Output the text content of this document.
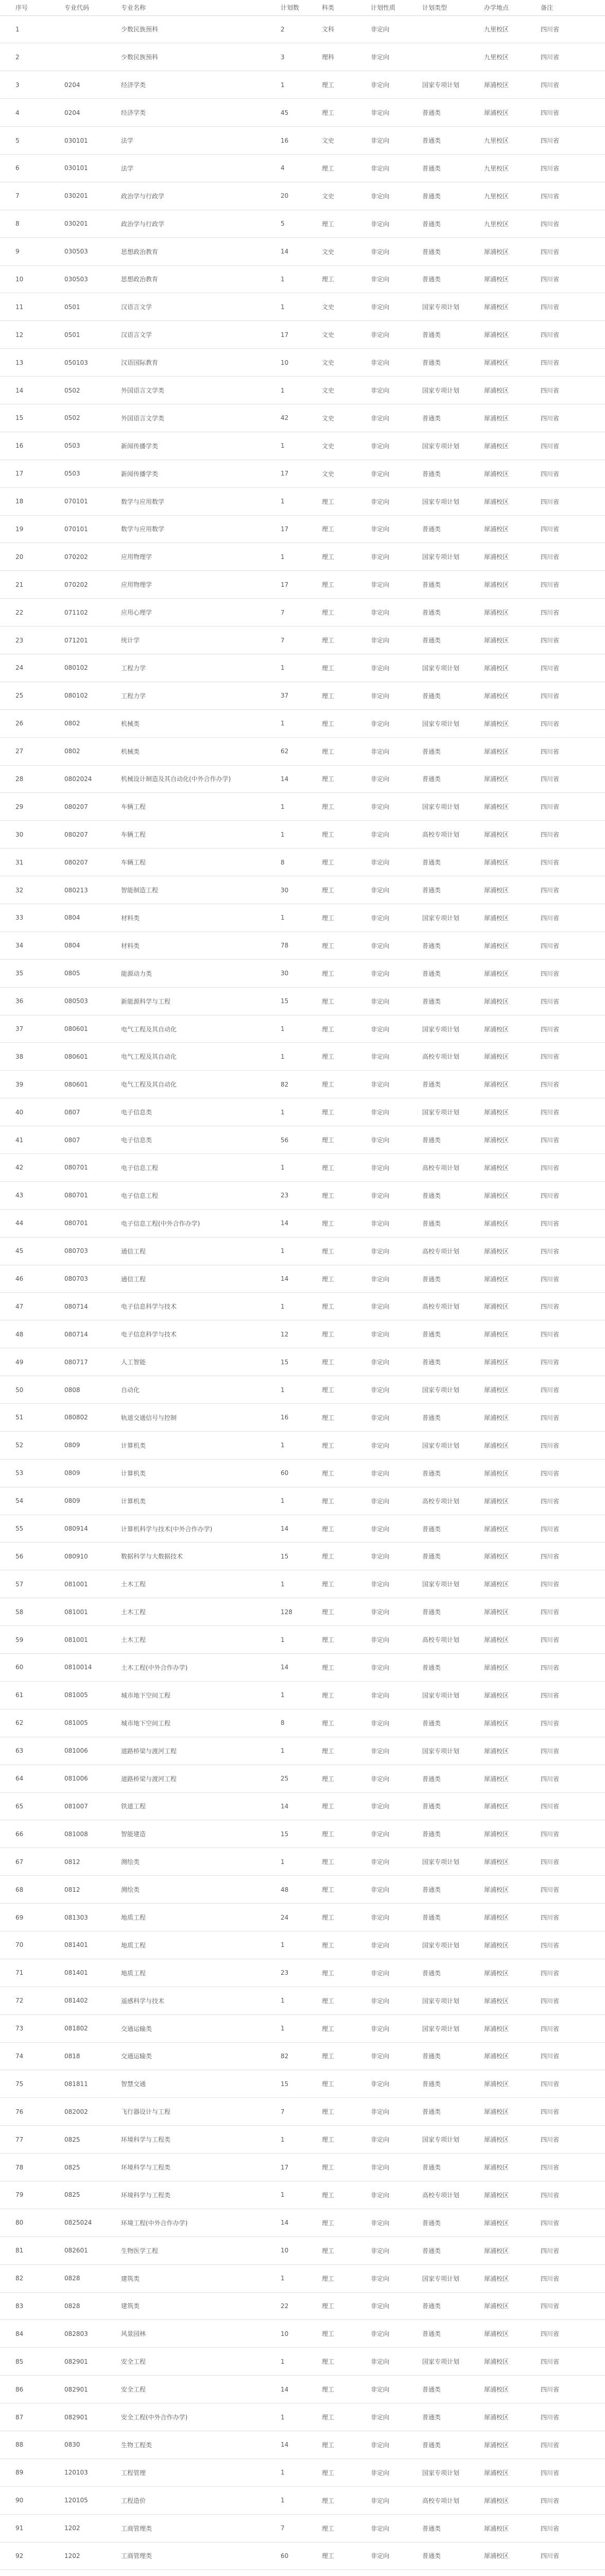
序号	专业代码	专业名称	计划数	科类	计划性质	计划类型	办学地点	备注
1		少数民族预科	2	文科	非定向		九里校区	四川省
2		少数民族预科	3	理科	非定向		九里校区	四川省
3	0204	经济学类	1	理工	非定向	国家专项计划	犀浦校区	四川省
4	0204	经济学类	45	理工	非定向	普通类	犀浦校区	四川省
5	030101	法学	16	文史	非定向	普通类	九里校区	四川省
6	030101	法学	4	理工	非定向	普通类	九里校区	四川省
7	030201	政治学与行政学	20	文史	非定向	普通类	九里校区	四川省
8	030201	政治学与行政学	5	理工	非定向	普通类	九里校区	四川省
9	030503	思想政治教育	14	文史	非定向	普通类	犀浦校区	四川省
10	030503	思想政治教育	1	理工	非定向	普通类	犀浦校区	四川省
11	0501	汉语言文学	1	文史	非定向	国家专项计划	犀浦校区	四川省
12	0501	汉语言文学	17	文史	非定向	普通类	犀浦校区	四川省
13	050103	汉语国际教育	10	文史	非定向	普通类	犀浦校区	四川省
14	0502	外国语言文学类	1	文史	非定向	国家专项计划	犀浦校区	四川省
15	0502	外国语言文学类	42	文史	非定向	普通类	犀浦校区	四川省
16	0503	新闻传播学类	1	文史	非定向	国家专项计划	犀浦校区	四川省
17	0503	新闻传播学类	17	文史	非定向	普通类	犀浦校区	四川省
18	070101	数学与应用数学	1	理工	非定向	国家专项计划	犀浦校区	四川省
19	070101	数学与应用数学	17	理工	非定向	普通类	犀浦校区	四川省
20	070202	应用物理学	1	理工	非定向	国家专项计划	犀浦校区	四川省
21	070202	应用物理学	17	理工	非定向	普通类	犀浦校区	四川省
22	071102	应用心理学	7	理工	非定向	普通类	犀浦校区	四川省
23	071201	统计学	7	理工	非定向	普通类	犀浦校区	四川省
24	080102	工程力学	1	理工	非定向	国家专项计划	犀浦校区	四川省
25	080102	工程力学	37	理工	非定向	普通类	犀浦校区	四川省
26	0802	机械类	1	理工	非定向	国家专项计划	犀浦校区	四川省
27	0802	机械类	62	理工	非定向	普通类	犀浦校区	四川省
28	0802024	机械设计制造及其自动化(中外合作办学)	14	理工	非定向	普通类	犀浦校区	四川省
29	080207	车辆工程	1	理工	非定向	国家专项计划	犀浦校区	四川省
30	080207	车辆工程	1	理工	非定向	高校专项计划	犀浦校区	四川省
31	080207	车辆工程	8	理工	非定向	普通类	犀浦校区	四川省
32	080213	智能制造工程	30	理工	非定向	普通类	犀浦校区	四川省
33	0804	材料类	1	理工	非定向	国家专项计划	犀浦校区	四川省
34	0804	材料类	78	理工	非定向	普通类	犀浦校区	四川省
35	0805	能源动力类	30	理工	非定向	普通类	犀浦校区	四川省
36	080503	新能源科学与工程	15	理工	非定向	普通类	犀浦校区	四川省
37	080601	电气工程及其自动化	1	理工	非定向	国家专项计划	犀浦校区	四川省
38	080601	电气工程及其自动化	1	理工	非定向	高校专项计划	犀浦校区	四川省
39	080601	电气工程及其自动化	82	理工	非定向	普通类	犀浦校区	四川省
40	0807	电子信息类	1	理工	非定向	国家专项计划	犀浦校区	四川省
41	0807	电子信息类	56	理工	非定向	普通类	犀浦校区	四川省
42	080701	电子信息工程	1	理工	非定向	高校专项计划	犀浦校区	四川省
43	080701	电子信息工程	23	理工	非定向	普通类	犀浦校区	四川省
44	080701	电子信息工程(中外合作办学)	14	理工	非定向	普通类	犀浦校区	四川省
45	080703	通信工程	1	理工	非定向	高校专项计划	犀浦校区	四川省
46	080703	通信工程	14	理工	非定向	普通类	犀浦校区	四川省
47	080714	电子信息科学与技术	1	理工	非定向	高校专项计划	犀浦校区	四川省
48	080714	电子信息科学与技术	12	理工	非定向	普通类	犀浦校区	四川省
49	080717	人工智能	15	理工	非定向	普通类	犀浦校区	四川省
50	0808	自动化	1	理工	非定向	国家专项计划	犀浦校区	四川省
51	080802	轨道交通信号与控制	16	理工	非定向	普通类	犀浦校区	四川省
52	0809	计算机类	1	理工	非定向	国家专项计划	犀浦校区	四川省
53	0809	计算机类	60	理工	非定向	普通类	犀浦校区	四川省
54	0809	计算机类	1	理工	非定向	高校专项计划	犀浦校区	四川省
55	080914	计算机科学与技术(中外合作办学)	14	理工	非定向	普通类	犀浦校区	四川省
56	080910	数据科学与大数据技术	15	理工	非定向	普通类	犀浦校区	四川省
57	081001	土木工程	1	理工	非定向	国家专项计划	犀浦校区	四川省
58	081001	土木工程	128	理工	非定向	普通类	犀浦校区	四川省
59	081001	土木工程	1	理工	非定向	高校专项计划	犀浦校区	四川省
60	0810014	土木工程(中外合作办学)	14	理工	非定向	普通类	犀浦校区	四川省
61	081005	城市地下空间工程	1	理工	非定向	国家专项计划	犀浦校区	四川省
62	081005	城市地下空间工程	8	理工	非定向	普通类	犀浦校区	四川省
63	081006	道路桥梁与渡河工程	1	理工	非定向	国家专项计划	犀浦校区	四川省
64	081006	道路桥梁与渡河工程	25	理工	非定向	普通类	犀浦校区	四川省
65	081007	铁道工程	14	理工	非定向	普通类	犀浦校区	四川省
66	081008	智能建造	15	理工	非定向	普通类	犀浦校区	四川省
67	0812	测绘类	1	理工	非定向	国家专项计划	犀浦校区	四川省
68	0812	测绘类	48	理工	非定向	普通类	犀浦校区	四川省
69	081303	地质工程	24	理工	非定向	普通类	犀浦校区	四川省
70	081401	地质工程	1	理工	非定向	国家专项计划	犀浦校区	四川省
71	081401	地质工程	23	理工	非定向	普通类	犀浦校区	四川省
72	081402	遥感科学与技术	1	理工	非定向	国家专项计划	犀浦校区	四川省
73	081802	交通运输类	1	理工	非定向	国家专项计划	犀浦校区	四川省
74	0818	交通运输类	82	理工	非定向	普通类	犀浦校区	四川省
75	081811	智慧交通	15	理工	非定向	普通类	犀浦校区	四川省
76	082002	飞行器设计与工程	7	理工	非定向	普通类	犀浦校区	四川省
77	0825	环境科学与工程类	1	理工	非定向	国家专项计划	犀浦校区	四川省
78	0825	环境科学与工程类	17	理工	非定向	普通类	犀浦校区	四川省
79	0825	环境科学与工程类	1	理工	非定向	高校专项计划	犀浦校区	四川省
80	0825024	环境工程(中外合作办学)	14	理工	非定向	普通类	犀浦校区	四川省
81	082601	生物医学工程	10	理工	非定向	普通类	犀浦校区	四川省
82	0828	建筑类	1	理工	非定向	国家专项计划	犀浦校区	四川省
83	0828	建筑类	22	理工	非定向	普通类	犀浦校区	四川省
84	082803	风景园林	10	理工	非定向	普通类	犀浦校区	四川省
85	082901	安全工程	1	理工	非定向	国家专项计划	犀浦校区	四川省
86	082901	安全工程	14	理工	非定向	普通类	犀浦校区	四川省
87	082901	安全工程(中外合作办学)	1	理工	非定向	普通类	犀浦校区	四川省
88	0830	生物工程类	14	理工	非定向	普通类	犀浦校区	四川省
89	120103	工程管理	1	理工	非定向	国家专项计划	犀浦校区	四川省
90	120105	工程造价	1	理工	非定向	高校专项计划	犀浦校区	四川省
91	1202	工商管理类	7	理工	非定向	普通类	犀浦校区	四川省
92	1202	工商管理类	60	理工	非定向	普通类	犀浦校区	四川省
